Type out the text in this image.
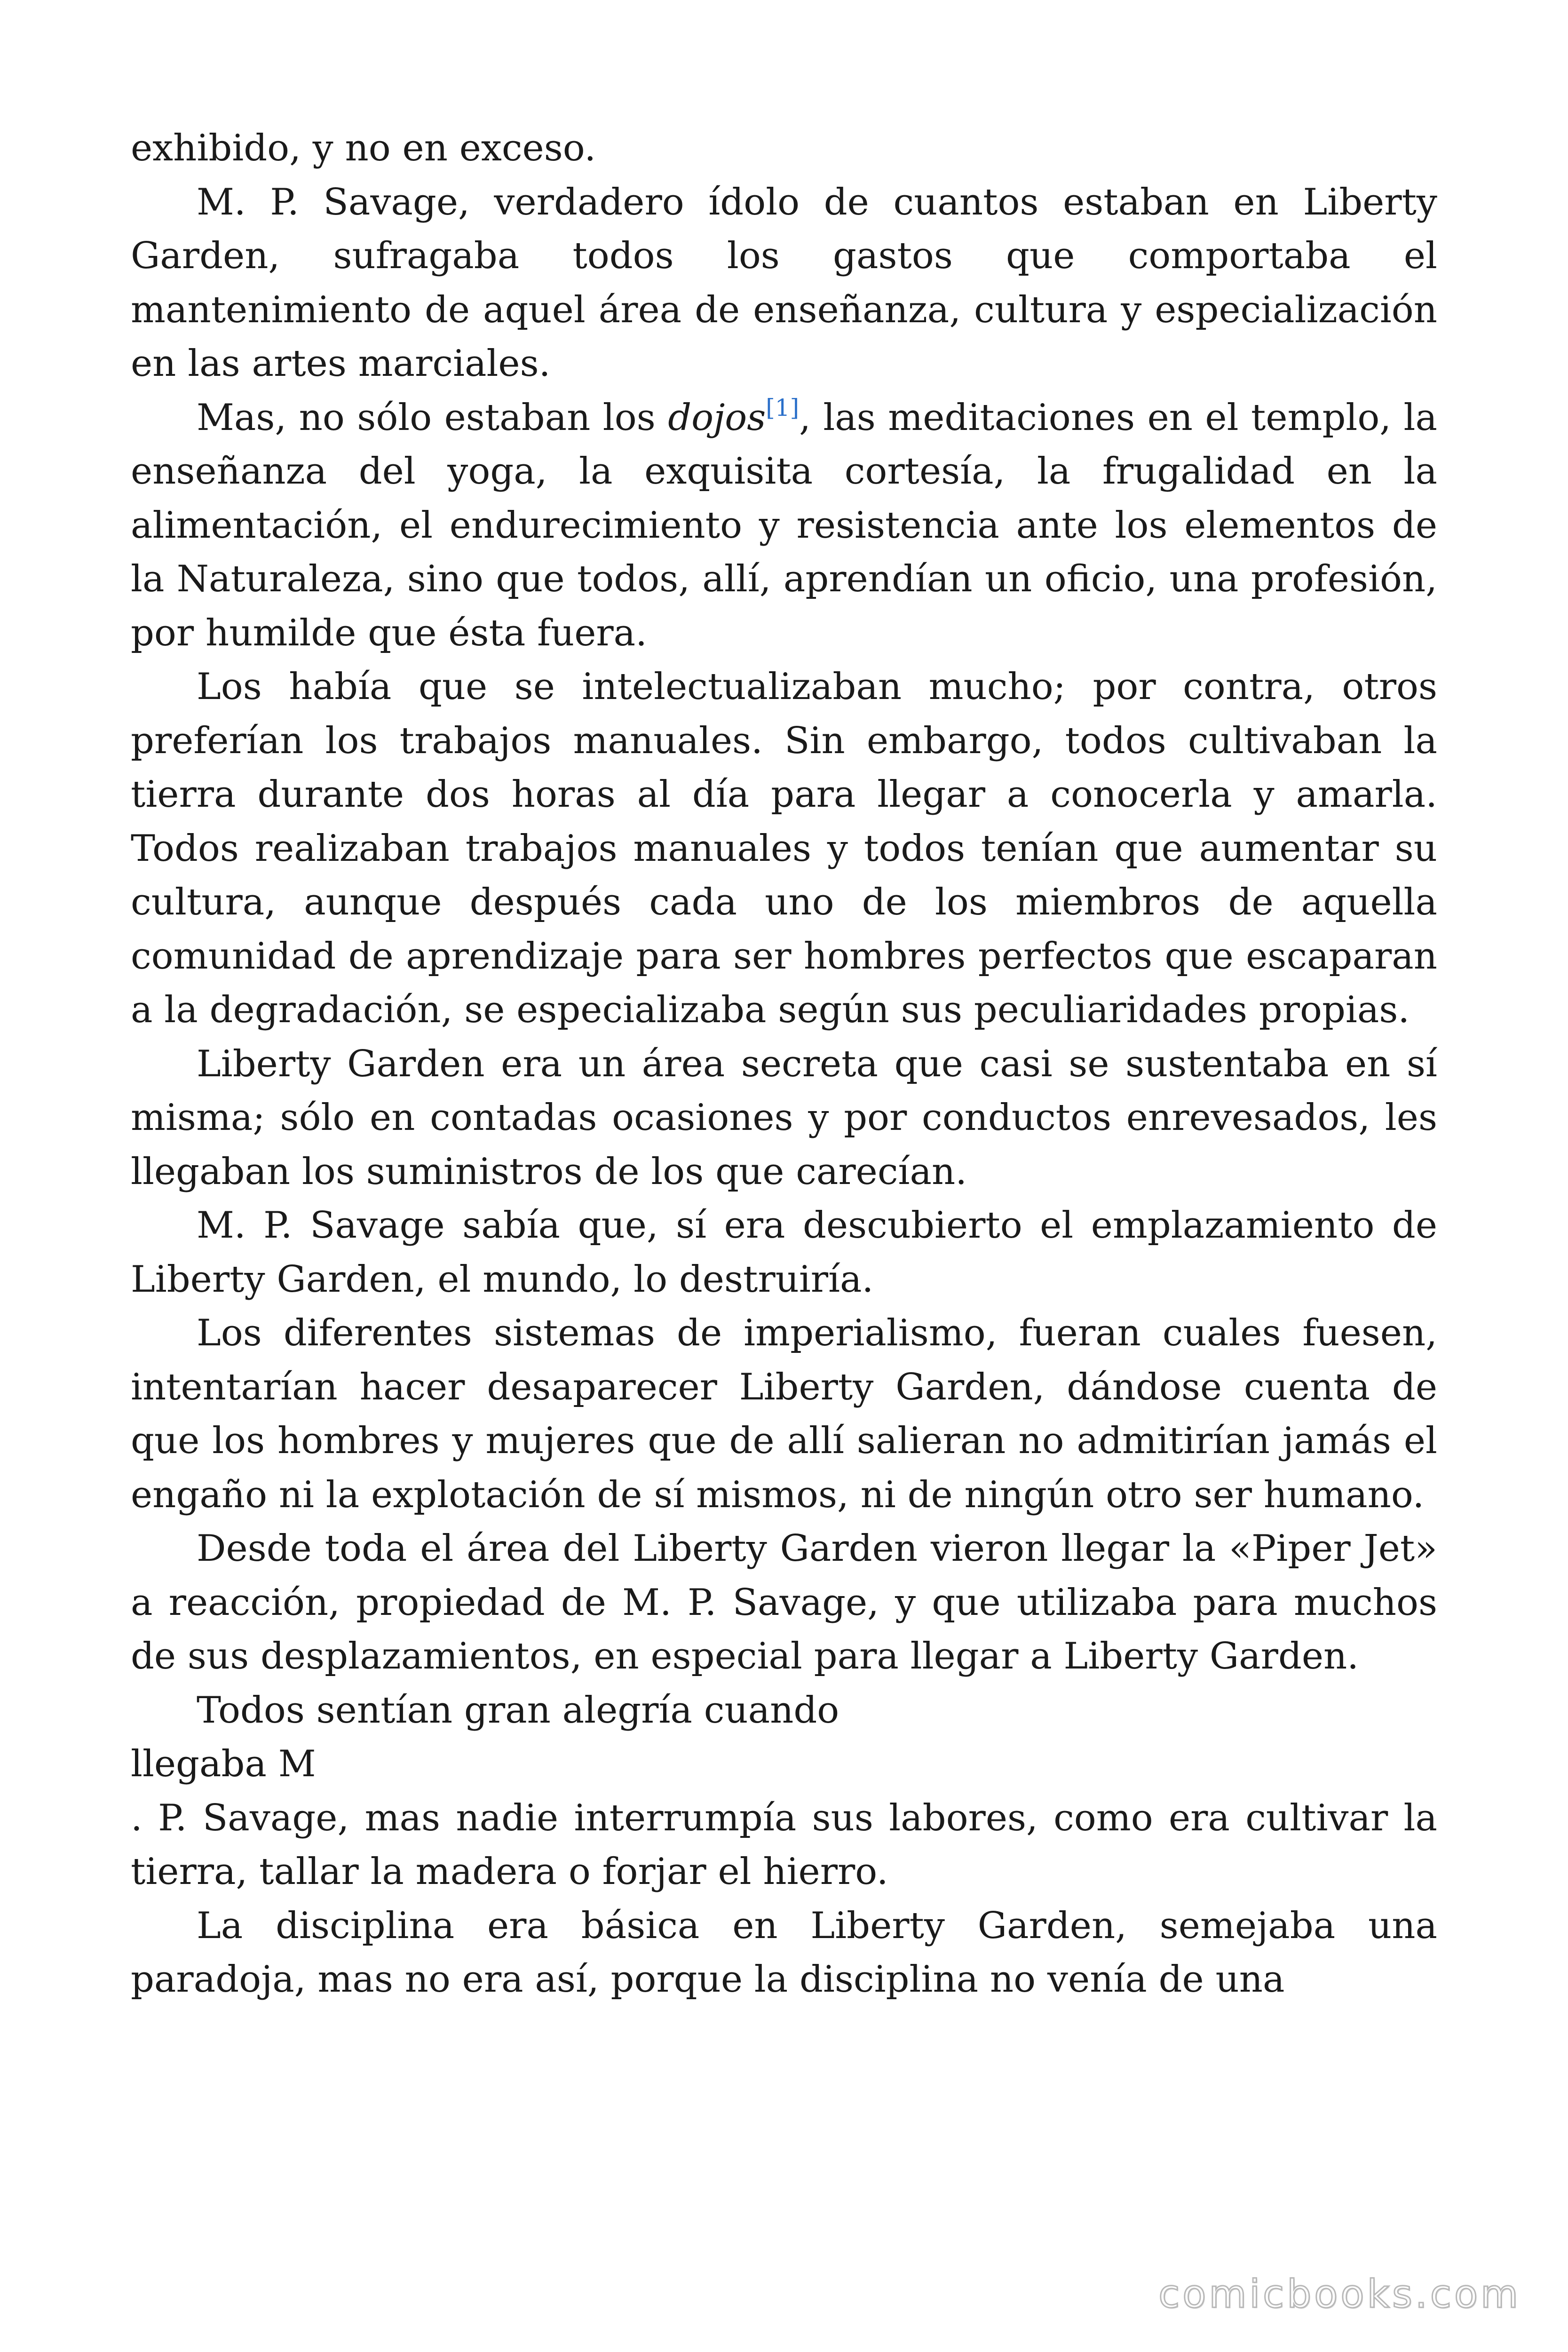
exhibido, y no en exceso.

M. P. Savage, verdadero ídolo de cuantos estaban en Liberty Garden, sufragaba todos los gastos que comportaba el mantenimiento de aquel área de enseñanza, cultura y especialización en las artes marciales.

Mas, no sólo estaban los dojos[1], las meditaciones en el templo, la enseñanza del yoga, la exquisita cortesía, la frugalidad en la alimentación, el endurecimiento y resistencia ante los elementos de la Naturaleza, sino que todos, allí, aprendían un oficio, una profesión, por humilde que ésta fuera.

Los había que se intelectualizaban mucho; por contra, otros preferían los trabajos manuales. Sin embargo, todos cultivaban la tierra durante dos horas al día para llegar a conocerla y amarla. Todos realizaban trabajos manuales y todos tenían que aumentar su cultura, aunque después cada uno de los miembros de aquella comunidad de aprendizaje para ser hombres perfectos que escaparan a la degradación, se especializaba según sus peculiaridades propias.

Liberty Garden era un área secreta que casi se sustentaba en sí misma; sólo en contadas ocasiones y por conductos enrevesados, les llegaban los suministros de los que carecían.

M. P. Savage sabía que, sí era descubierto el emplazamiento de Liberty Garden, el mundo, lo destruiría.

Los diferentes sistemas de imperialismo, fueran cuales fuesen, intentarían hacer desaparecer Liberty Garden, dándose cuenta de que los hombres y mujeres que de allí salieran no admitirían jamás el engaño ni la explotación de sí mismos, ni de ningún otro ser humano.

Desde toda el área del Liberty Garden vieron llegar la «Piper Jet» a reacción, propiedad de M. P. Savage, y que utilizaba para muchos de sus desplazamientos, en especial para llegar a Liberty Garden.

Todos sentían gran alegría cuando

llegaba M

. P. Savage, mas nadie interrumpía sus labores, como era cultivar la tierra, tallar la madera o forjar el hierro.

La disciplina era básica en Liberty Garden, semejaba una paradoja, mas no era así, porque la disciplina no venía de una

comicbooks.com
